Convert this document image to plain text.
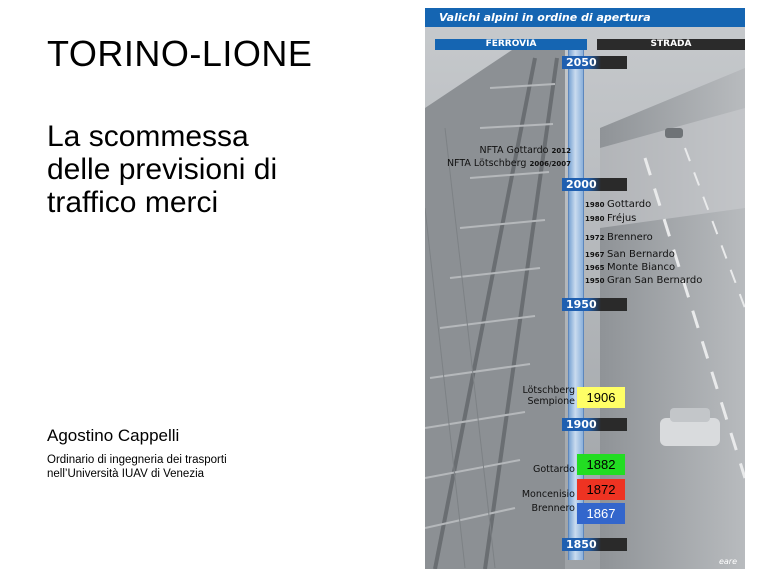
TORINO-LIONE
La scommessa
delle previsioni di
traffico merci
Agostino Cappelli
Ordinario di ingegneria dei trasporti
nell’Università IUAV di Venezia
Valichi alpini in ordine di apertura
FERROVIA	STRADA
2050
2000
1950
1900
1850
NFTA Gottardo 2012
NFTA Lötschberg 2006/2007
1980 Gottardo
1980 Fréjus
1972 Brennero
1967 San Bernardo
1965 Monte Bianco
1950 Gran San Bernardo
Lötschberg
Sempione 1906
Gottardo 1882
Moncenisio 1872
Brennero 1867
eare
